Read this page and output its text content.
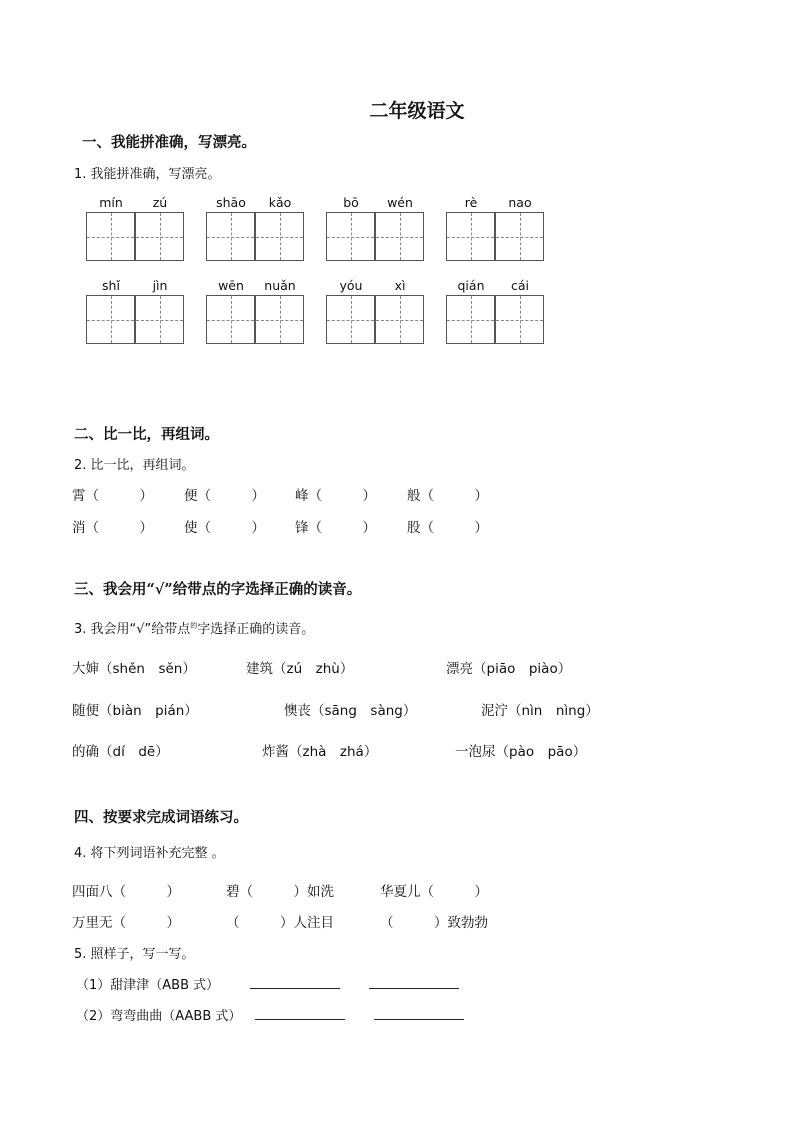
二年级语文
一、我能拼准确，写漂亮。
1. 我能拼准确，写漂亮。
mín	zú	shāo	kǎo	bō	wén	rè	nao
shǐ	jìn	wēn	nuǎn	yóu	xì	qián	cái
二、比一比，再组词。
2. 比一比，再组词。
霄（　　　） 便（　　　） 峰（　　　） 般（　　　）
消（　　　） 使（　　　） 锋（　　　） 股（　　　）
三、我会用“√”给带点的字选择正确的读音。
3. 我会用“√”给带点$^的$字选择正确的读音。
大婶（shěn　sěn）	建筑（zú　zhù）	漂亮（piāo　piào）
随便（biàn　pián）	懊丧（sāng　sàng）	泥泞（nìn　nìng）
的确（dí　dē）	炸酱（zhà　zhá）	一泡尿（pào　pāo）
四、按要求完成词语练习。
4. 将下列词语补充完整 。
四面八（　　　）	碧（　　　）如洗	华夏儿（　　　）
万里无（　　　）	（　　　）人注目	（　　　）致勃勃
5. 照样子，写一写。
（1）甜津津（ABB 式）
（2）弯弯曲曲（AABB 式）
